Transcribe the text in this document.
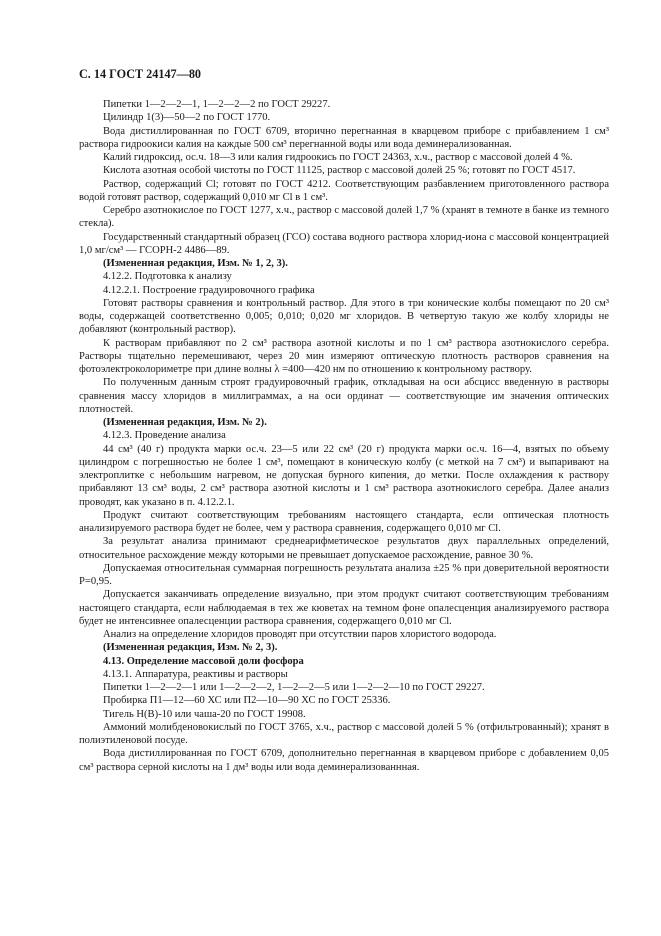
С. 14 ГОСТ 24147—80

Пипетки 1—2—2—1, 1—2—2—2 по ГОСТ 29227.

Цилиндр 1(3)—50—2 по ГОСТ 1770.

Вода дистиллированная по ГОСТ 6709, вторично перегнанная в кварцевом приборе с прибавлением 1 см³ раствора гидроокиси калия на каждые 500 см³ перегнанной воды или вода деминерализованная.

Калий гидроксид, ос.ч. 18—3 или калия гидроокись по ГОСТ 24363, х.ч., раствор с массовой долей 4 %.

Кислота азотная особой чистоты по ГОСТ 11125, раствор с массовой долей 25 %; готовят по ГОСТ 4517.

Раствор, содержащий Cl; готовят по ГОСТ 4212. Соответствующим разбавлением приготовленного раствора водой готовят раствор, содержащий 0,010 мг Cl в 1 см³.

Серебро азотнокислое по ГОСТ 1277, х.ч., раствор с массовой долей 1,7 % (хранят в темноте в банке из темного стекла).

Государственный стандартный образец (ГСО) состава водного раствора хлорид-иона с массовой концентрацией 1,0 мг/см³ — ГСОРН-2 4486—89.

(Измененная редакция, Изм. № 1, 2, 3).

4.12.2. Подготовка к анализу

4.12.2.1. Построение градуировочного графика

Готовят растворы сравнения и контрольный раствор. Для этого в три конические колбы помещают по 20 см³ воды, содержащей соответственно 0,005; 0,010; 0,020 мг хлоридов. В четвертую такую же колбу хлориды не добавляют (контрольный раствор).

К растворам прибавляют по 2 см³ раствора азотной кислоты и по 1 см³ раствора азотнокислого серебра. Растворы тщательно перемешивают, через 20 мин измеряют оптическую плотность растворов сравнения на фотоэлектроколориметре при длине волны λ =400—420 нм по отношению к контрольному раствору.

По полученным данным строят градуировочный график, откладывая на оси абсцисс введенную в растворы сравнения массу хлоридов в миллиграммах, а на оси ординат — соответствующие им значения оптических плотностей.

(Измененная редакция, Изм. № 2).

4.12.3. Проведение анализа

44 см³ (40 г) продукта марки ос.ч. 23—5 или 22 см³ (20 г) продукта марки ос.ч. 16—4, взятых по объему цилиндром с погрешностью не более 1 см³, помещают в коническую колбу (с меткой на 7 см³) и выпаривают на электроплитке с небольшим нагревом, не допуская бурного кипения, до метки. После охлаждения к раствору прибавляют 13 см³ воды, 2 см³ раствора азотной кислоты и 1 см³ раствора азотнокислого серебра. Далее анализ проводят, как указано в п. 4.12.2.1.

Продукт считают соответствующим требованиям настоящего стандарта, если оптическая плотность анализируемого раствора будет не более, чем у раствора сравнения, содержащего 0,010 мг Cl.

За результат анализа принимают среднеарифметическое результатов двух параллельных определений, относительное расхождение между которыми не превышает допускаемое расхождение, равное 30 %.

Допускаемая относительная суммарная погрешность результата анализа ±25 % при доверительной вероятности P=0,95.

Допускается заканчивать определение визуально, при этом продукт считают соответствующим требованиям настоящего стандарта, если наблюдаемая в тех же кюветах на темном фоне опалесценция анализируемого раствора будет не интенсивнее опалесценции раствора сравнения, содержащего 0,010 мг Cl.

Анализ на определение хлоридов проводят при отсутствии паров хлористого водорода.

(Измененная редакция, Изм. № 2, 3).

4.13. Определение массовой доли фосфора

4.13.1. Аппаратура, реактивы и растворы

Пипетки 1—2—2—1 или 1—2—2—2, 1—2—2—5 или 1—2—2—10 по ГОСТ 29227.

Пробирка П1—12—60 ХС или П2—10—90 ХС по ГОСТ 25336.

Тигель Н(В)-10 или чаша-20 по ГОСТ 19908.

Аммоний молибденовокислый по ГОСТ 3765, х.ч., раствор с массовой долей 5 % (отфильтрованный); хранят в полиэтиленовой посуде.

Вода дистиллированная по ГОСТ 6709, дополнительно перегнанная в кварцевом приборе с добавлением 0,05 см³ раствора серной кислоты на 1 дм³ воды или вода деминерализованнная.
